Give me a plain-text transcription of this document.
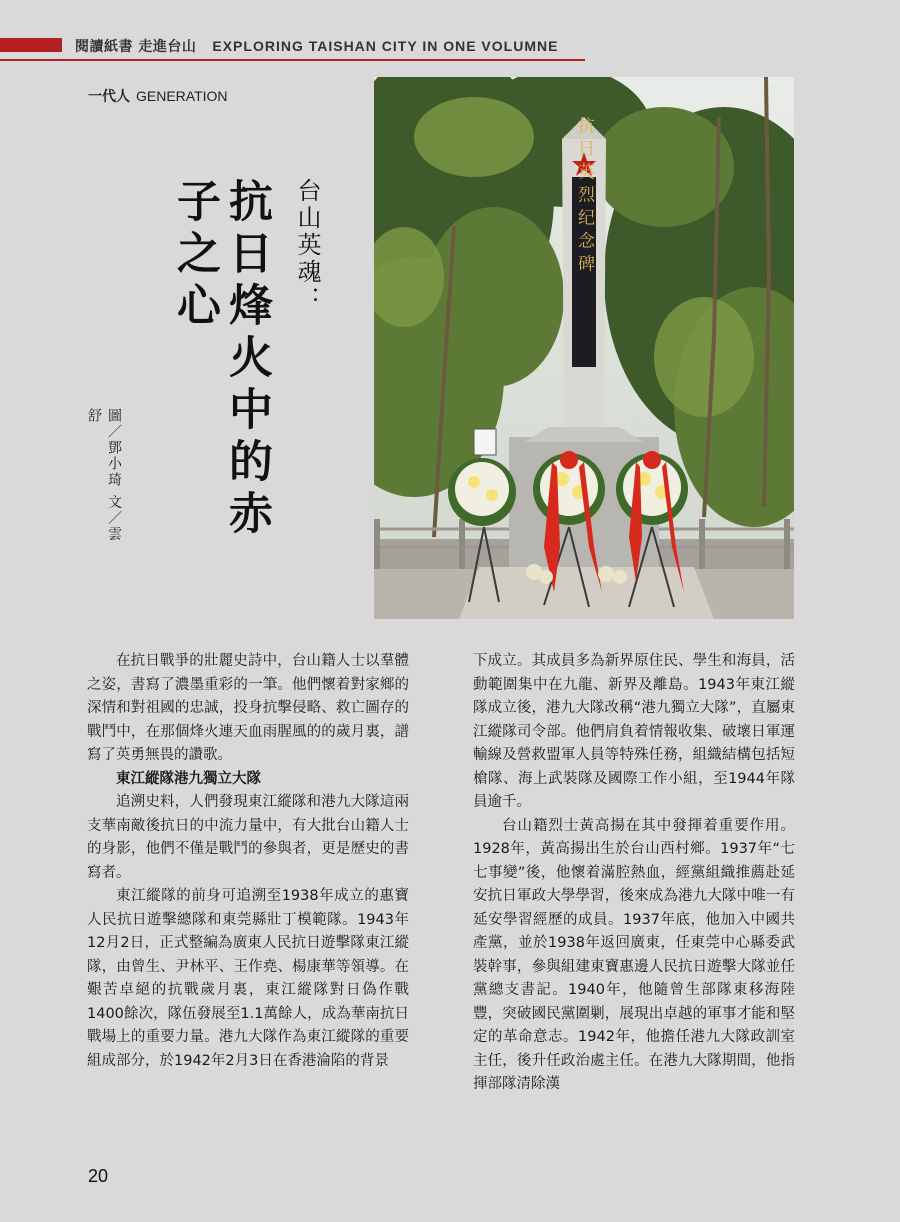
閱讀紙書 走進台山 EXPLORING TAISHAN CITY IN ONE VOLUMNE
一代人 GENERATION
台山英魂：
抗日烽火中的赤子之心
圖／鄧小琦 文／雲舒
抗日英烈纪念碑

在抗日戰爭的壯麗史詩中，台山籍人士以羣體之姿，書寫了濃墨重彩的一筆。他們懷着對家鄉的深情和對祖國的忠誠，投身抗擊侵略、救亡圖存的戰鬥中，在那個烽火連天血雨腥風的的歲月裏，譜寫了英勇無畏的讚歌。

東江縱隊港九獨立大隊

追溯史料，人們發現東江縱隊和港九大隊這兩支華南敵後抗日的中流力量中，有大批台山籍人士的身影，他們不僅是戰鬥的參與者，更是歷史的書寫者。

東江縱隊的前身可追溯至1938年成立的惠寶人民抗日遊擊總隊和東莞縣壯丁模範隊。1943年12月2日，正式整編為廣東人民抗日遊擊隊東江縱隊，由曾生、尹林平、王作堯、楊康華等領導。在艱苦卓絕的抗戰歲月裏，東江縱隊對日偽作戰1400餘次，隊伍發展至1.1萬餘人，成為華南抗日戰場上的重要力量。港九大隊作為東江縱隊的重要組成部分，於1942年2月3日在香港淪陷的背景

下成立。其成員多為新界原住民、學生和海員，活動範圍集中在九龍、新界及離島。1943年東江縱隊成立後，港九大隊改稱“港九獨立大隊”，直屬東江縱隊司令部。他們肩負着情報收集、破壞日軍運輸線及營救盟軍人員等特殊任務，組織結構包括短槍隊、海上武裝隊及國際工作小組，至1944年隊員逾千。

台山籍烈士黃高揚在其中發揮着重要作用。1928年，黃高揚出生於台山西村鄉。1937年“七七事變”後，他懷着滿腔熱血，經黨組織推薦赴延安抗日軍政大學學習，後來成為港九大隊中唯一有延安學習經歷的成員。1937年底，他加入中國共產黨，並於1938年返回廣東，任東莞中心縣委武裝幹事，參與組建東寶惠邊人民抗日遊擊大隊並任黨總支書記。1940年，他隨曾生部隊東移海陸豐，突破國民黨圍剿，展現出卓越的軍事才能和堅定的革命意志。1942年，他擔任港九大隊政訓室主任，後升任政治處主任。在港九大隊期間，他指揮部隊清除漢

20
